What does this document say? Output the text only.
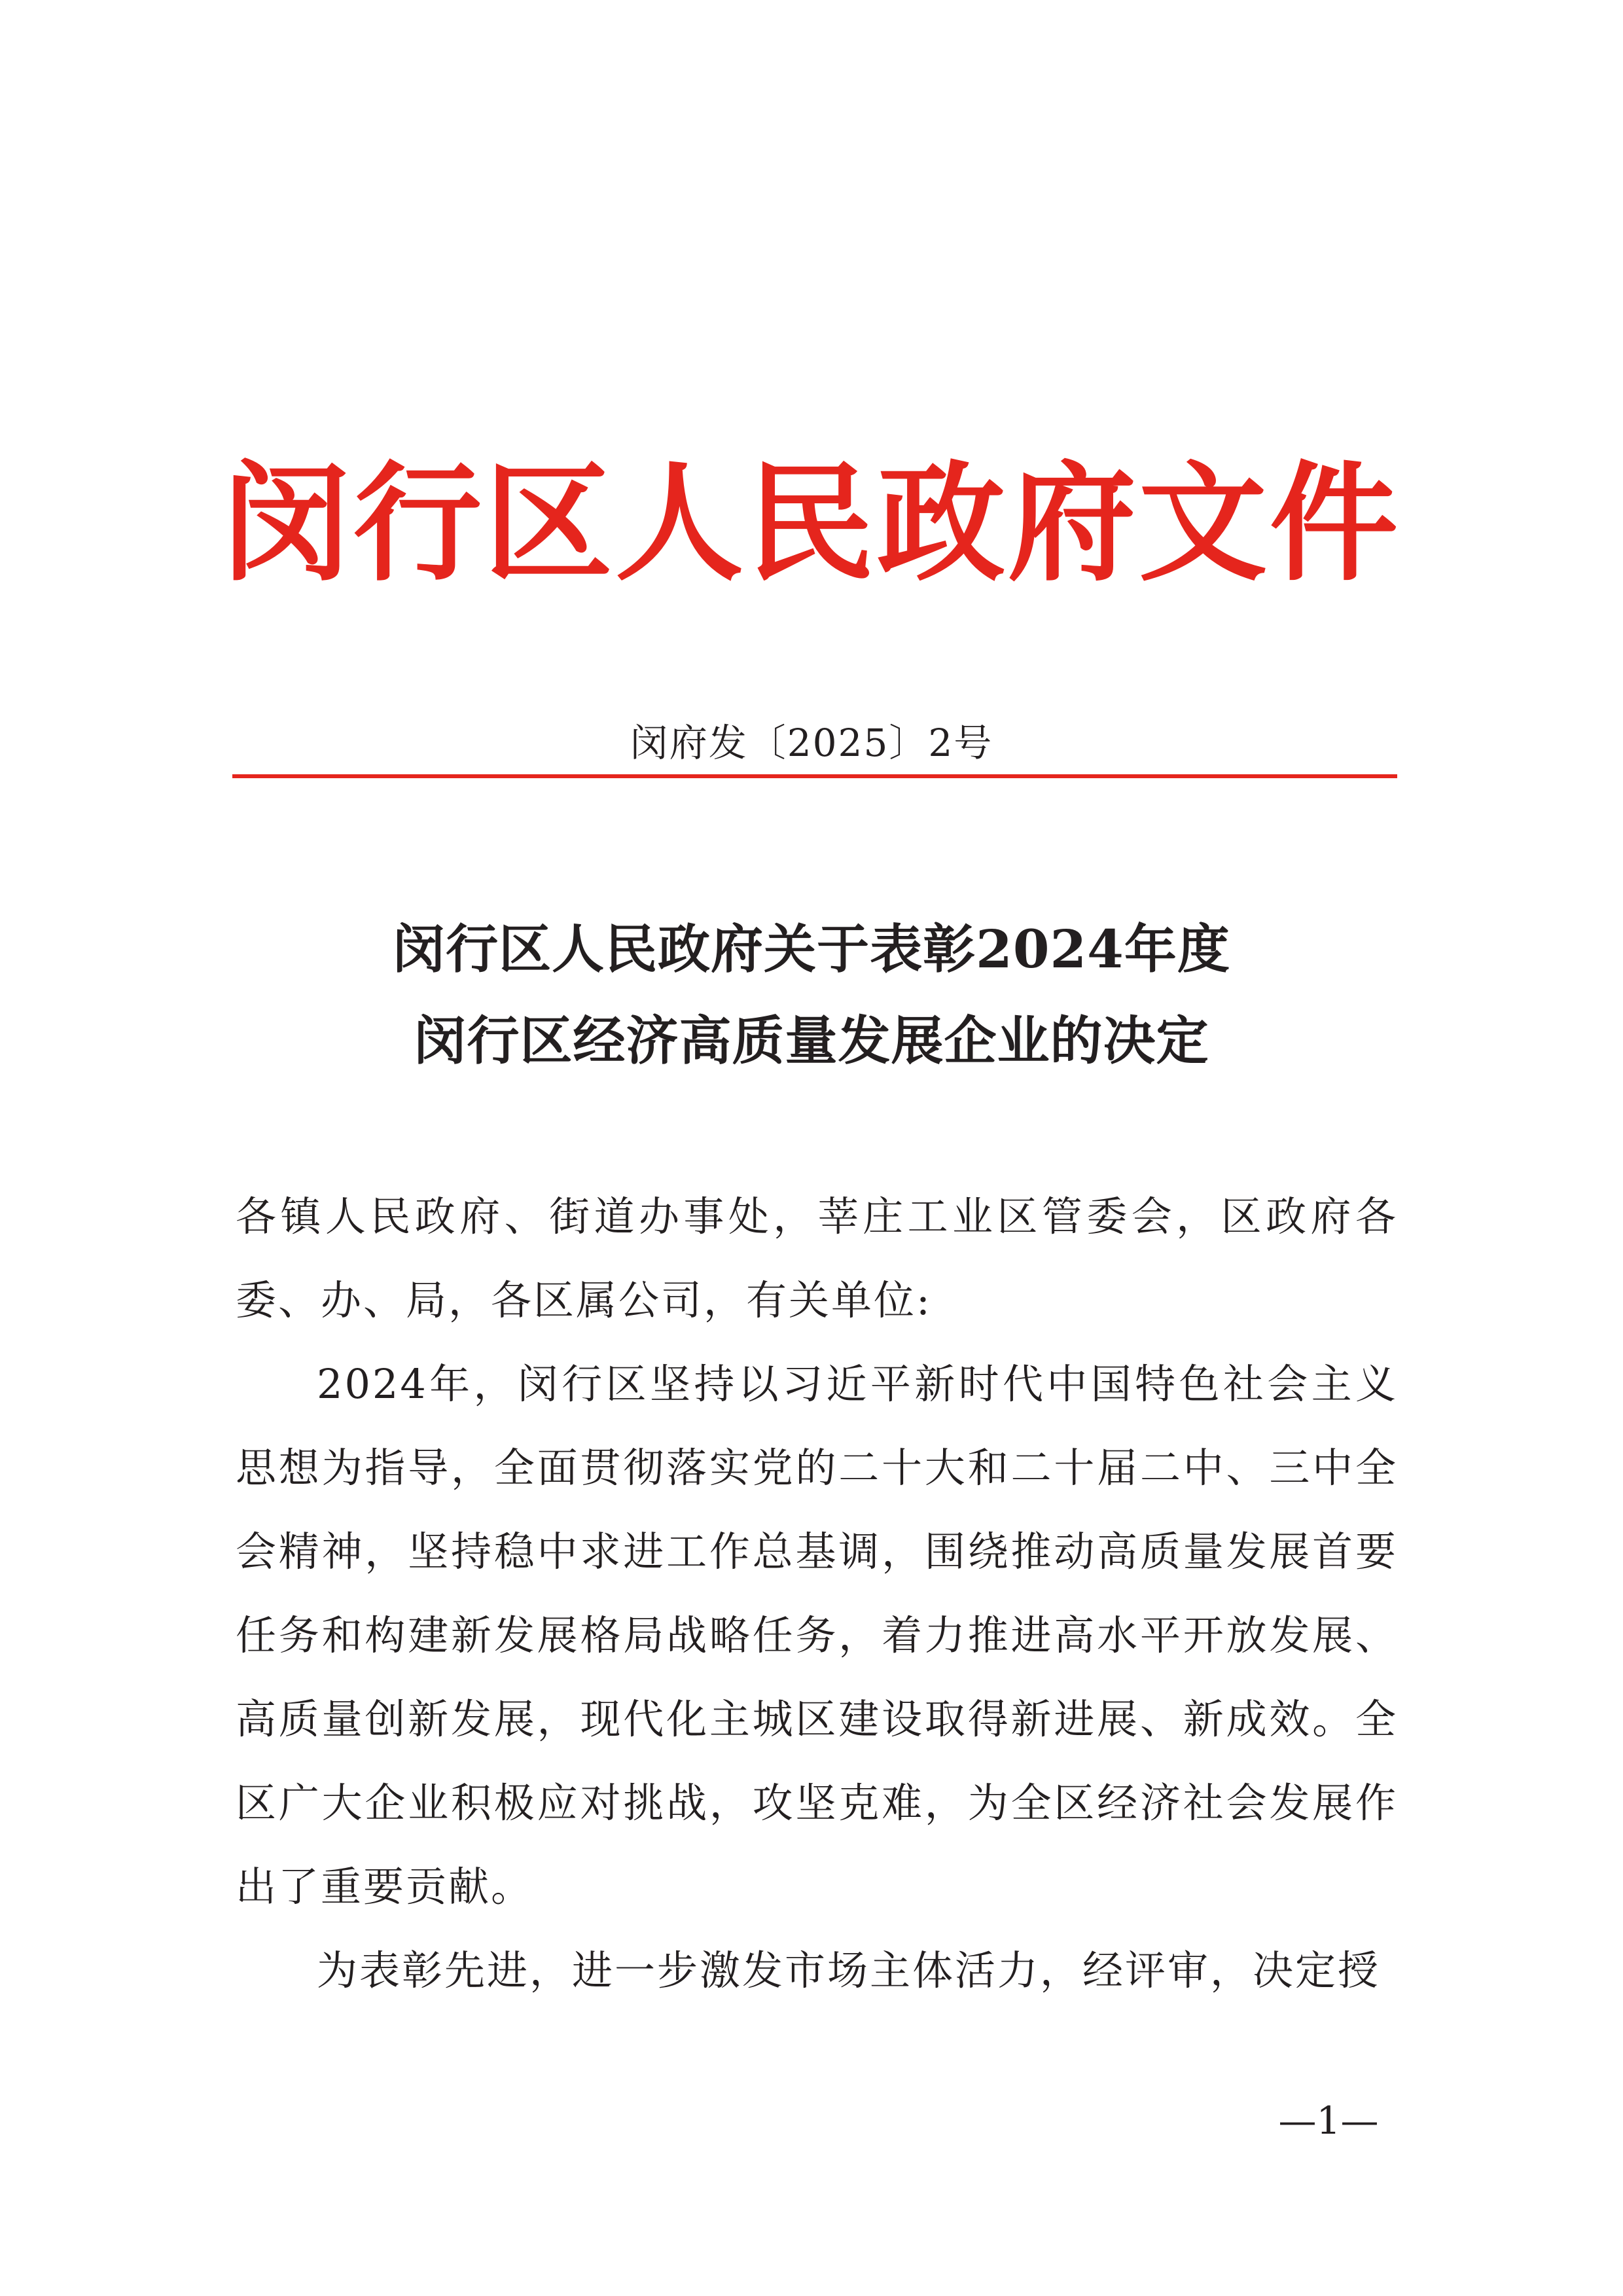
闵行区人民政府文件
闵府发〔2025〕2号
闵行区人民政府关于表彰2024年度
闵行区经济高质量发展企业的决定

各镇人民政府、街道办事处，莘庄工业区管委会，区政府各委、办、局，各区属公司，有关单位:

2024年，闵行区坚持以习近平新时代中国特色社会主义思想为指导，全面贯彻落实党的二十大和二十届二中、三中全会精神，坚持稳中求进工作总基调，围绕推动高质量发展首要任务和构建新发展格局战略任务，着力推进高水平开放发展、高质量创新发展，现代化主城区建设取得新进展、新成效。全区广大企业积极应对挑战，攻坚克难，为全区经济社会发展作出了重要贡献。

为表彰先进，进一步激发市场主体活力，经评审，决定授

—1—
